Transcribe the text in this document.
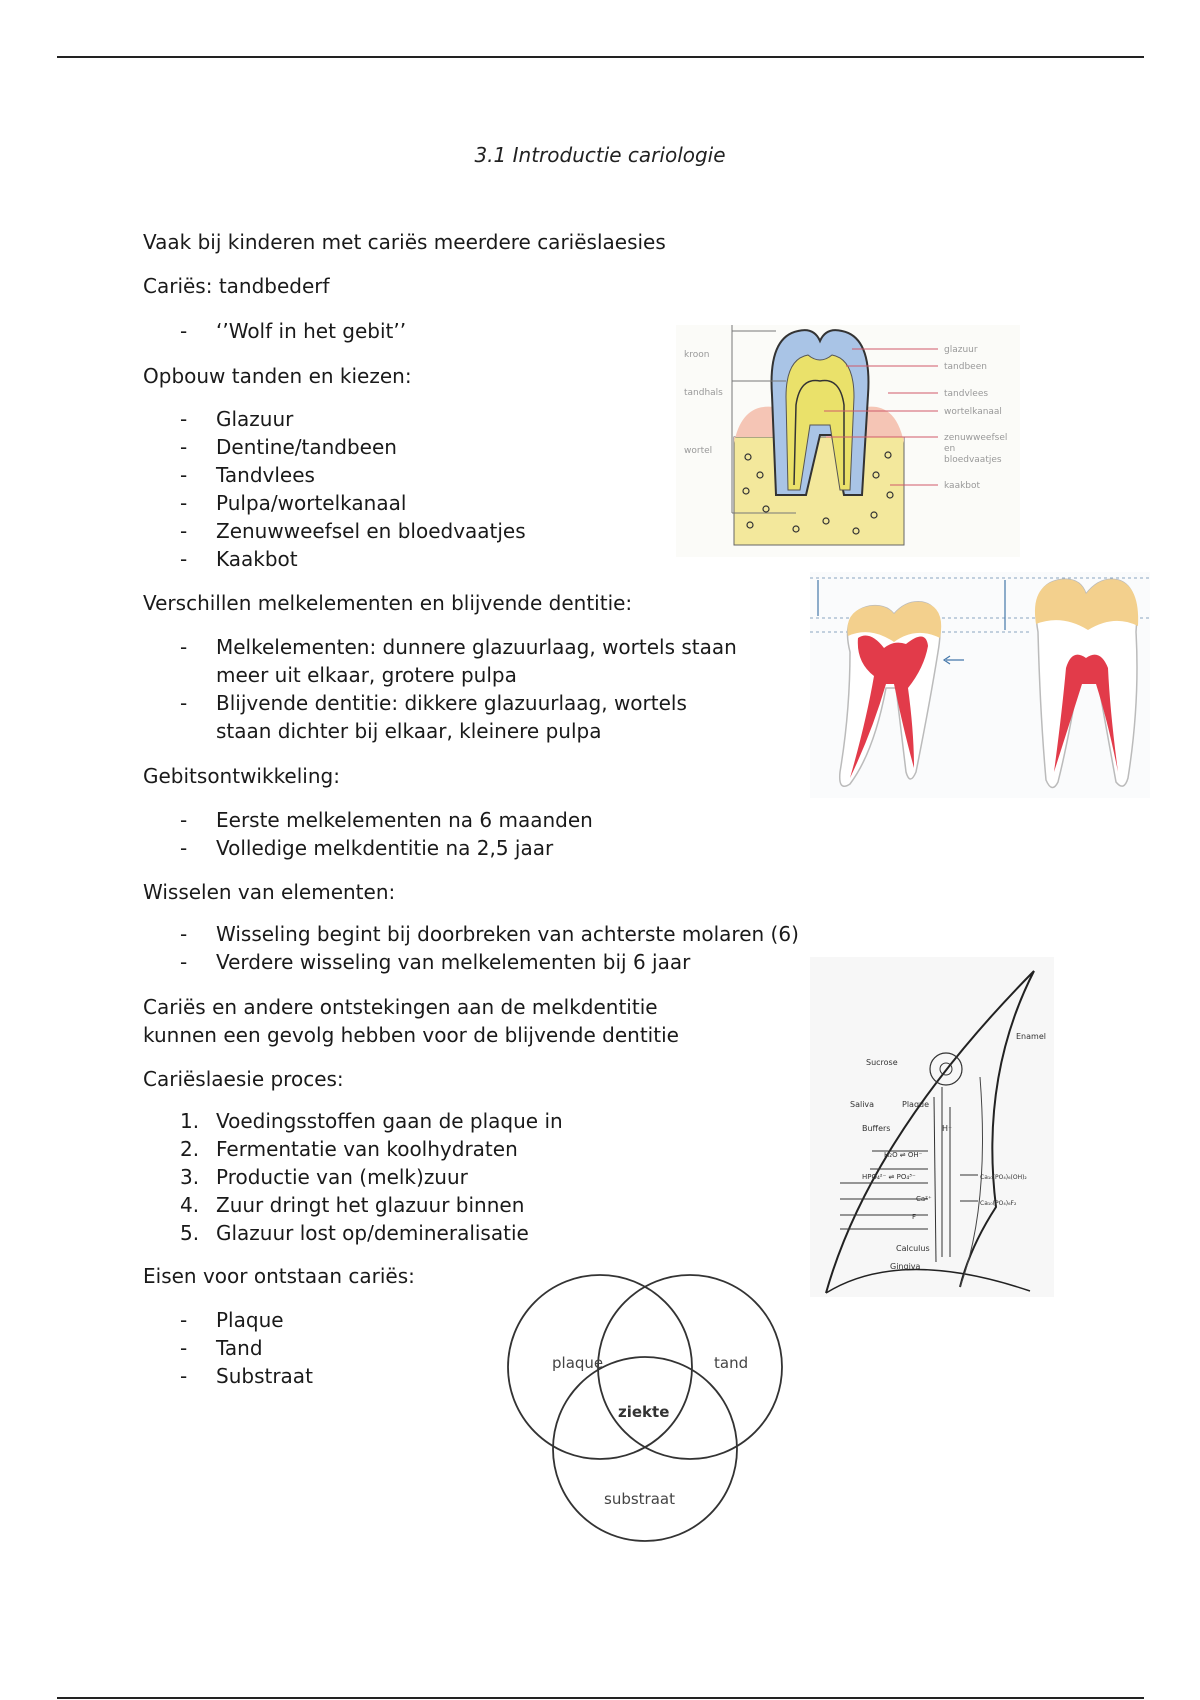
3.1 Introductie cariologie
Vaak bij kinderen met cariës meerdere cariëslaesies
Cariës: tandbederf
- ‘’Wolf in het gebit’’
Opbouw tanden en kiezen:
- Glazuur
- Dentine/tandbeen
- Tandvlees
- Pulpa/wortelkanaal
- Zenuwweefsel en bloedvaatjes
- Kaakbot
Verschillen melkelementen en blijvende dentitie:
- Melkelementen: dunnere glazuurlaag, wortels staan
meer uit elkaar, grotere pulpa
- Blijvende dentitie: dikkere glazuurlaag, wortels
staan dichter bij elkaar, kleinere pulpa
Gebitsontwikkeling:
- Eerste melkelementen na 6 maanden
- Volledige melkdentitie na 2,5 jaar
Wisselen van elementen:
- Wisseling begint bij doorbreken van achterste molaren (6)
- Verdere wisseling van melkelementen bij 6 jaar
Cariës en andere ontstekingen aan de melkdentitie
kunnen een gevolg hebben voor de blijvende dentitie
Cariëslaesie proces:
1. Voedingsstoffen gaan de plaque in
2. Fermentatie van koolhydraten
3. Productie van (melk)zuur
4. Zuur dringt het glazuur binnen
5. Glazuur lost op/demineralisatie
Eisen voor ontstaan cariës:
- Plaque
- Tand
- Substraat
kroon
tandhals
wortel
glazuur
tandbeen
tandvlees
wortelkanaal
zenuwweefsel
en
bloedvaatjes
kaakbot
Enamel
Sucrose
Saliva	Plaque
Buffers	H⁺
H₂O ⇌ OH⁻
HPO₄²⁻ ⇌ PO₄³⁻
Ca²⁺
F⁻
Ca₁₀(PO₄)₆(OH)₂
Ca₁₀(PO₄)₆F₂
Calculus
Gingiva
plaque	tand
ziekte
substraat
